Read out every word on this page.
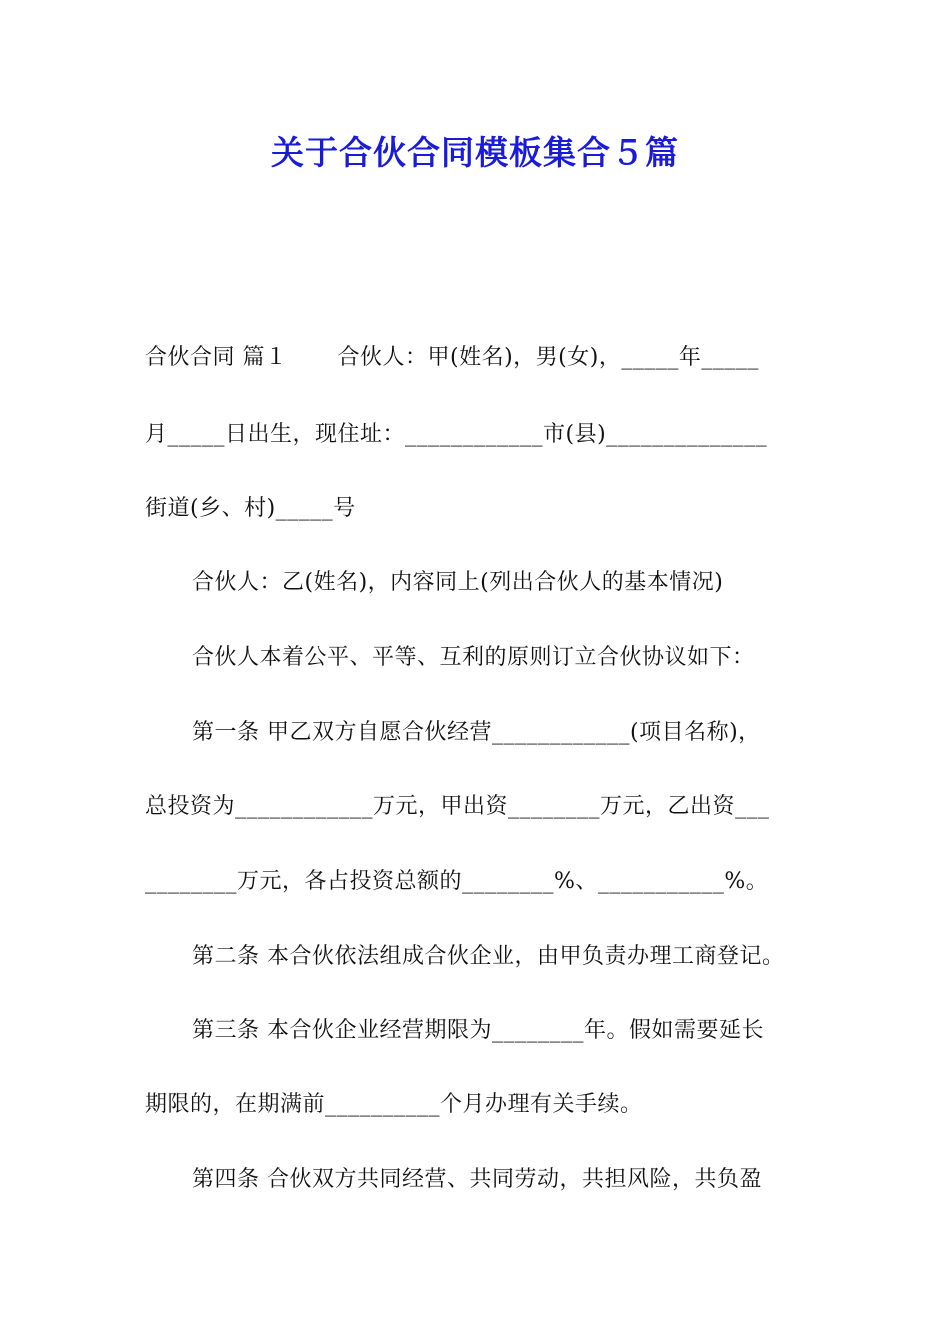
关于合伙合同模板集合５篇
合伙合同 篇１ 合伙人：甲(姓名)，男(女)，_____年_____
月_____日出生，现住址：____________市(县)______________
街道(乡、村)_____号
合伙人：乙(姓名)，内容同上(列出合伙人的基本情况)
合伙人本着公平、平等、互利的原则订立合伙协议如下：
第一条 甲乙双方自愿合伙经营____________(项目名称)，
总投资为____________万元，甲出资________万元，乙出资___
________万元，各占投资总额的________%、___________%。
第二条 本合伙依法组成合伙企业，由甲负责办理工商登记。
第三条 本合伙企业经营期限为________年。假如需要延长
期限的，在期满前__________个月办理有关手续。
第四条 合伙双方共同经营、共同劳动，共担风险，共负盈
